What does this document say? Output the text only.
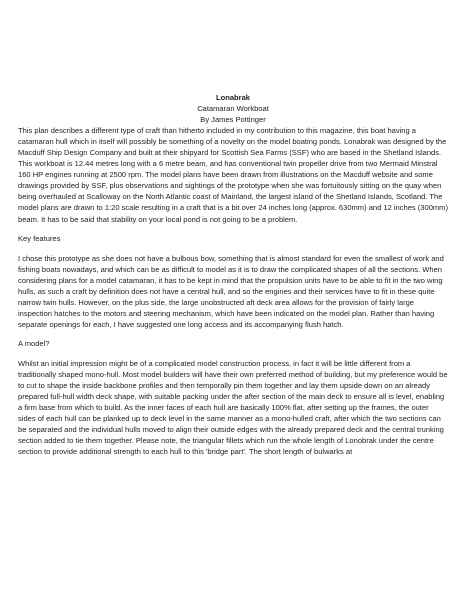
Lonabrak
Catamaran Workboat
By James Pottinger

This plan describes a different type of craft than hitherto included in my contribution to this magazine, this boat having a catamaran hull which in itself will possibly be something of a novelty on the model boating ponds. Lonabrak was designed by the Macduff Ship Design Company and built at their shipyard for Scottish Sea Farms (SSF) who are based in the Shetland Islands. This workboat is 12.44 metres long with a 6 metre beam, and has conventional twin propeller drive from two Mermaid Minstral 160 HP engines running at 2500 rpm. The model plans have been drawn from illustrations on the Macduff website and some drawings provided by SSF, plus observations and sightings of the prototype when she was fortuitously sitting on the quay when being overhauled at Scalloway on the North Atlantic coast of Mainland, the largest island of the Shetland Islands, Scotland. The model plans are drawn to 1:20 scale resulting in a craft that is a bit over 24 inches long (approx. 630mm) and 12 inches (300mm) beam. It has to be said that stability on your local pond is not going to be a problem.

Key features

I chose this prototype as she does not have a bulbous bow, something that is almost standard for even the smallest of work and fishing boats nowadays, and which can be as difficult to model as it is to draw the complicated shapes of all the sections. When considering plans for a model catamaran, it has to be kept in mind that the propulsion units have to be able to fit in the two wing hulls, as such a craft by definition does not have a central hull, and so the engines and their services have to fit in these quite narrow twin hulls. However, on the plus side, the large unobstructed aft deck area allows for the provision of fairly large inspection hatches to the motors and steering mechanism, which have been indicated on the model plan. Rather than having separate openings for each, I have suggested one long access and its accompanying flush hatch.

A model?

Whilst an initial impression might be of a complicated model construction process, in fact it will be little different from a traditionally shaped mono-hull. Most model builders will have their own preferred method of building, but my preference would be to cut to shape the inside backbone profiles and then temporally pin them together and lay them upside down on an already prepared full-hull width deck shape, with suitable packing under the after section of the main deck to ensure all is level, enabling a firm base from which to build. As the inner faces of each hull are basically 100% flat, after setting up the frames, the outer sides of each hull can be planked up to deck level in the same manner as a mono-hulled craft, after which the two sections can be separated and the individual hulls moved to align their outside edges with the already prepared deck and the central trunking section added to tie them together. Please note, the triangular fillets which run the whole length of Lonobrak under the centre section to provide additional strength to each hull to this 'bridge part'. The short length of bulwarks at
